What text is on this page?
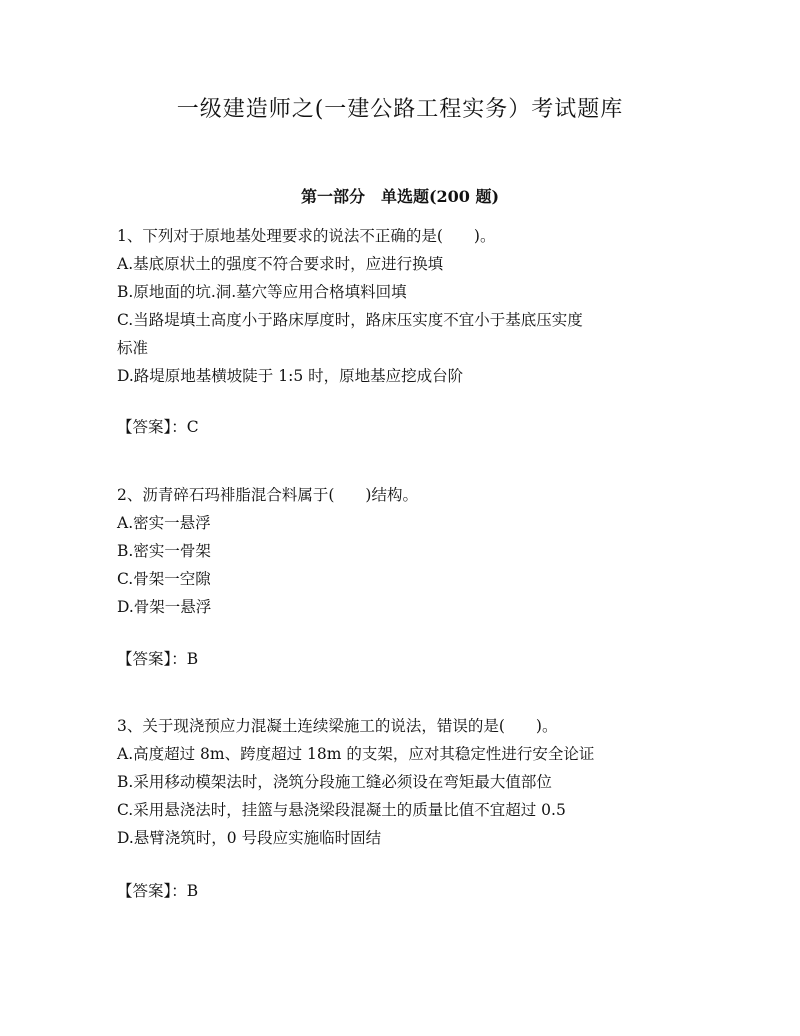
一级建造师之(一建公路工程实务）考试题库
第一部分　单选题(200 题)
1、下列对于原地基处理要求的说法不正确的是(　　)。
A.基底原状土的强度不符合要求时，应进行换填
B.原地面的坑.洞.墓穴等应用合格填料回填
C.当路堤填土高度小于路床厚度时，路床压实度不宜小于基底压实度
标准
D.路堤原地基横坡陡于 1:5 时，原地基应挖成台阶
【答案】：C
2、沥青碎石玛裶脂混合料属于(　　)结构。
A.密实一悬浮
B.密实一骨架
C.骨架一空隙
D.骨架一悬浮
【答案】：B
3、关于现浇预应力混凝土连续梁施工的说法，错误的是(　　)。
A.高度超过 8m、跨度超过 18m 的支架，应对其稳定性进行安全论证
B.采用移动模架法时，浇筑分段施工缝必须设在弯矩最大值部位
C.采用悬浇法时，挂篮与悬浇梁段混凝土的质量比值不宜超过 0.5
D.悬臂浇筑时，0 号段应实施临时固结
【答案】：B
